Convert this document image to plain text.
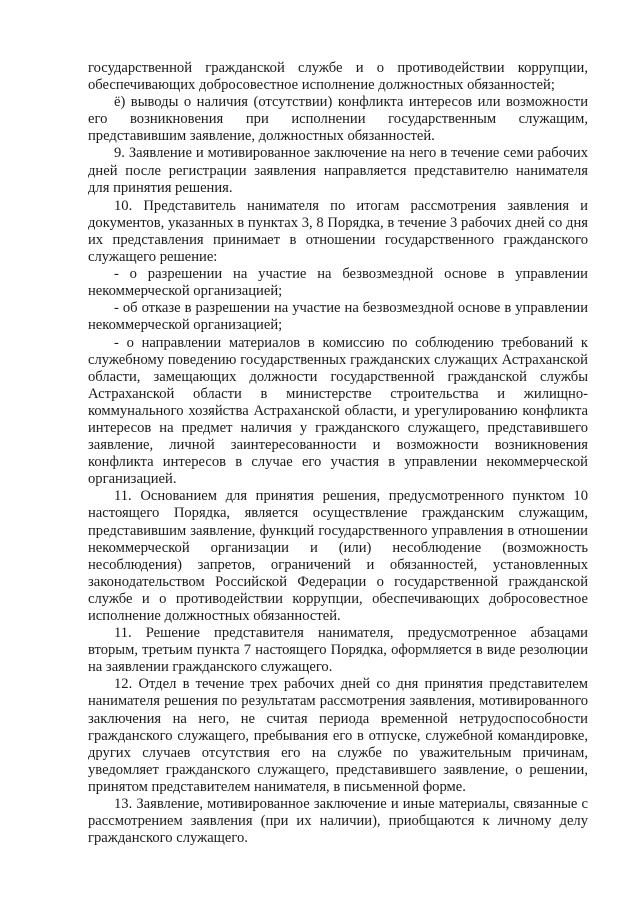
государственной гражданской службе и о противодействии коррупции, обеспечивающих добросовестное исполнение должностных обязанностей;

ё) выводы о наличия (отсутствии) конфликта интересов или возможности его возникновения при исполнении государственным служащим, представившим заявление, должностных обязанностей.

9. Заявление и мотивированное заключение на него в течение семи рабочих дней после регистрации заявления направляется представителю нанимателя для принятия решения.

10. Представитель нанимателя по итогам рассмотрения заявления и документов, указанных в пунктах 3, 8 Порядка, в течение 3 рабочих дней со дня их представления принимает в отношении государственного гражданского служащего решение:

- о разрешении на участие на безвозмездной основе в управлении некоммерческой организацией;

- об отказе в разрешении на участие на безвозмездной основе в управлении некоммерческой организацией;

- о направлении материалов в комиссию по соблюдению требований к служебному поведению государственных гражданских служащих Астраханской области, замещающих должности государственной гражданской службы Астраханской области в министерстве строительства и жилищно-коммунального хозяйства Астраханской области, и урегулированию конфликта интересов на предмет наличия у гражданского служащего, представившего заявление, личной заинтересованности и возможности возникновения конфликта интересов в случае его участия в управлении некоммерческой организацией.

11. Основанием для принятия решения, предусмотренного пунктом 10 настоящего Порядка, является осуществление гражданским служащим, представившим заявление, функций государственного управления в отношении некоммерческой организации и (или) несоблюдение (возможность несоблюдения) запретов, ограничений и обязанностей, установленных законодательством Российской Федерации о государственной гражданской службе и о противодействии коррупции, обеспечивающих добросовестное исполнение должностных обязанностей.

11. Решение представителя нанимателя, предусмотренное абзацами вторым, третьим пункта 7 настоящего Порядка, оформляется в виде резолюции на заявлении гражданского служащего.

12. Отдел в течение трех рабочих дней со дня принятия представителем нанимателя решения по результатам рассмотрения заявления, мотивированного заключения на него, не считая периода временной нетрудоспособности гражданского служащего, пребывания его в отпуске, служебной командировке, других случаев отсутствия его на службе по уважительным причинам, уведомляет гражданского служащего, представившего заявление, о решении, принятом представителем нанимателя, в письменной форме.

13. Заявление, мотивированное заключение и иные материалы, связанные с рассмотрением заявления (при их наличии), приобщаются к личному делу гражданского служащего.
